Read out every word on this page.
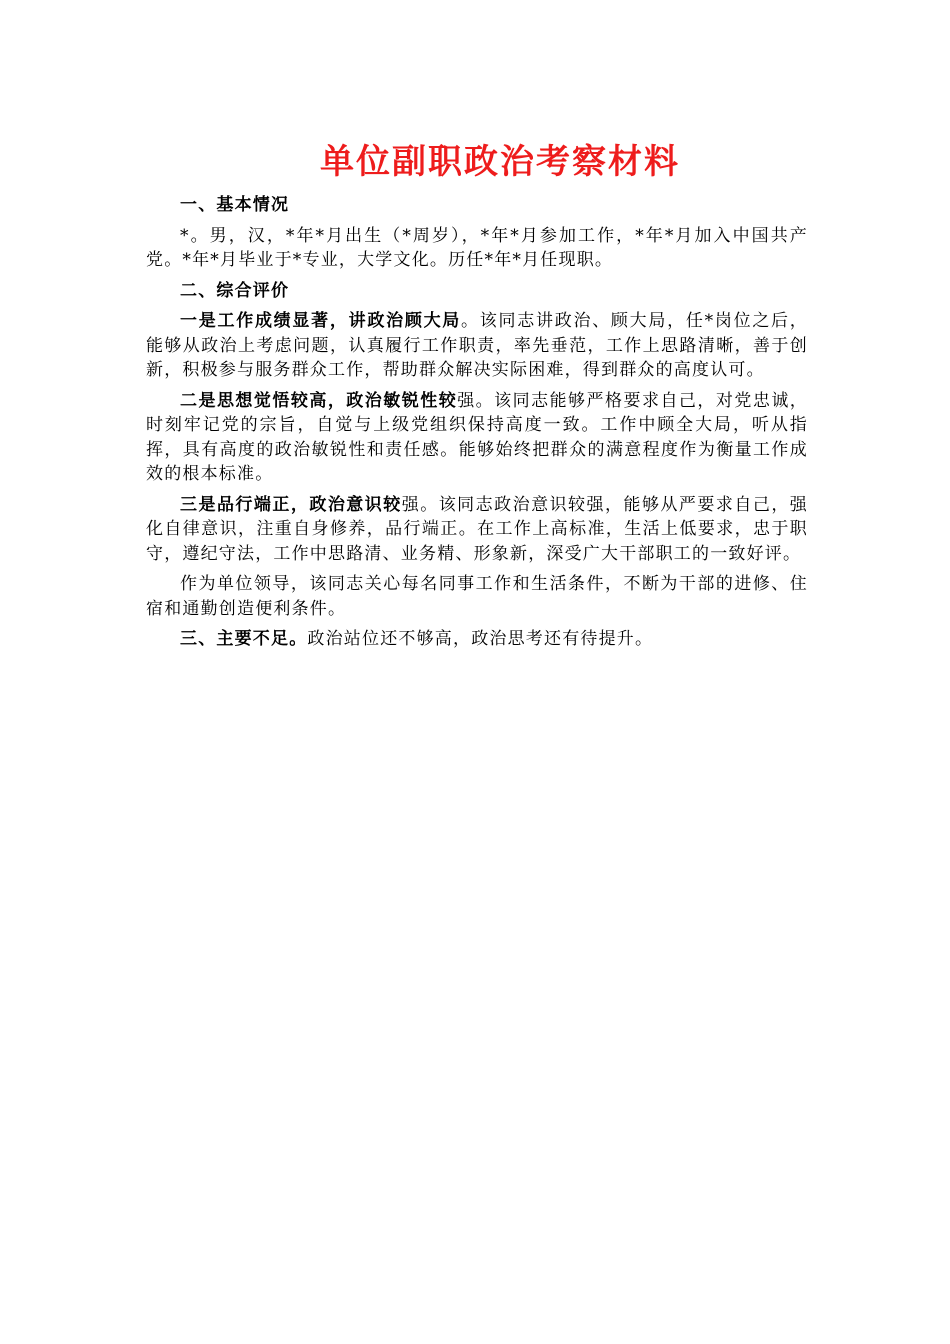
单位副职政治考察材料

一、基本情况

*。男，汉，*年*月出生（*周岁），*年*月参加工作，*年*月加入中国共产党。*年*月毕业于*专业，大学文化。历任*年*月任现职。

二、综合评价

一是工作成绩显著，讲政治顾大局。该同志讲政治、顾大局，任*岗位之后，能够从政治上考虑问题，认真履行工作职责，率先垂范，工作上思路清晰，善于创新，积极参与服务群众工作，帮助群众解决实际困难，得到群众的高度认可。

二是思想觉悟较高，政治敏锐性较强。该同志能够严格要求自己，对党忠诚，时刻牢记党的宗旨，自觉与上级党组织保持高度一致。工作中顾全大局，听从指挥，具有高度的政治敏锐性和责任感。能够始终把群众的满意程度作为衡量工作成效的根本标准。

三是品行端正，政治意识较强。该同志政治意识较强，能够从严要求自己，强化自律意识，注重自身修养，品行端正。在工作上高标准，生活上低要求，忠于职守，遵纪守法，工作中思路清、业务精、形象新，深受广大干部职工的一致好评。

作为单位领导，该同志关心每名同事工作和生活条件，不断为干部的进修、住宿和通勤创造便利条件。

三、主要不足。政治站位还不够高，政治思考还有待提升。
